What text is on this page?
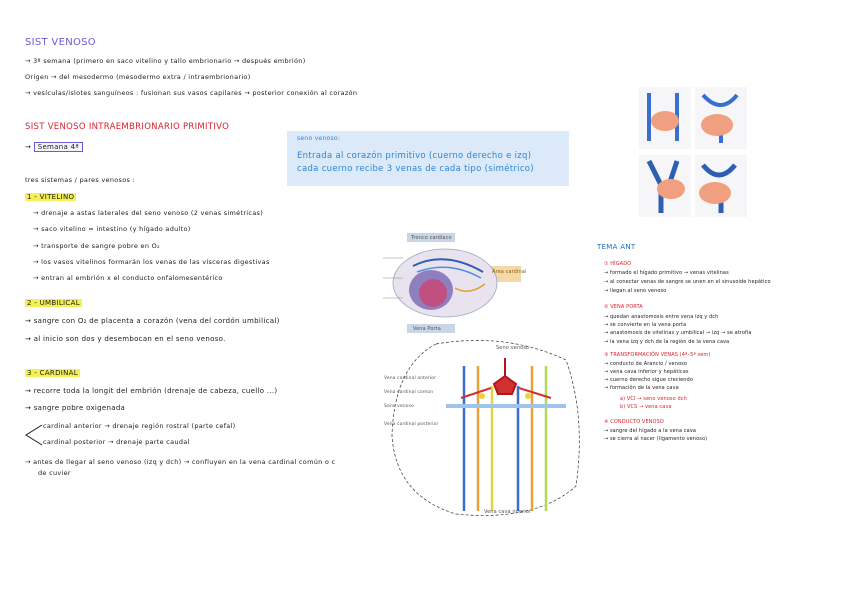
SIST VENOSO
→ 3ª semana (primero en saco vitelino y tallo embrionario → después embrión)
Origen → del mesodermo (mesodermo extra / intraembrionario)
→ vesículas/islotes sanguíneos : fusionan sus vasos capilares → posterior conexión al corazón
SIST VENOSO INTRAEMBRIONARIO PRIMITIVO
→ Semana 4ª
tres sistemas / pares venosos :
1 - VITELINO
→ drenaje a astas laterales del seno venoso (2 venas simétricas)
→ saco vitelino = intestino (y hígado adulto)
→ transporte de sangre pobre en O₂
→ los vasos vitelinos formarán los venas de las vísceras digestivas
→ entran al embrión x el conducto onfalomesentérico
2 - UMBILICAL
→ sangre con O₂ de placenta a corazón (vena del cordón umbilical)
→ al inicio son dos y desembocan en el seno venoso.
3 - CARDINAL
→ recorre toda la longit del embrión (drenaje de cabeza, cuello ...)
→ sangre pobre oxigenada
cardinal anterior → drenaje región rostral (parte cefal)
cardinal posterior → drenaje parte caudal
→ antes de llegar al seno venoso (izq y dch) → confluyen en la vena cardinal común o c
de cuvier
seno venoso:
Entrada al corazón primitivo (cuerno derecho e izq)
cada cuerno recibe 3 venas de cada tipo (simétrico)
Tronco cardíaco
Área cardinal
Vena Porta
Seno venoso
Vena cardinal anterior
Vena cardinal común
Seno venoso
Vena cardinal posterior
Vena cava inferior
TEMA ANT
① HÍGADO
→ formado el hígado primitivo → venas vitelinas
→ al conectar venas de sangre se unen en el sinusoide hepático
→ llegan al seno venoso
② VENA PORTA
→ quedan anastomosis entre vena izq y dch
→ se convierte en la vena porta
→ anastomosis de vitelinas y umbilical → izq → se atrofia
→ la vena izq y dch de la región de la vena cava
③ TRANSFORMACIÓN VENAS (4ª–5ª sem)
→ conducto de Arancio / venoso
→ vena cava inferior y hepáticas
→ cuerno derecho sigue creciendo
→ formación de la vena cava
a) VCI → seno venoso dch
b) VCS → vena cava
④ CONDUCTO VENOSO
→ sangre del hígado a la vena cava
→ se cierra al nacer (ligamento venoso)
